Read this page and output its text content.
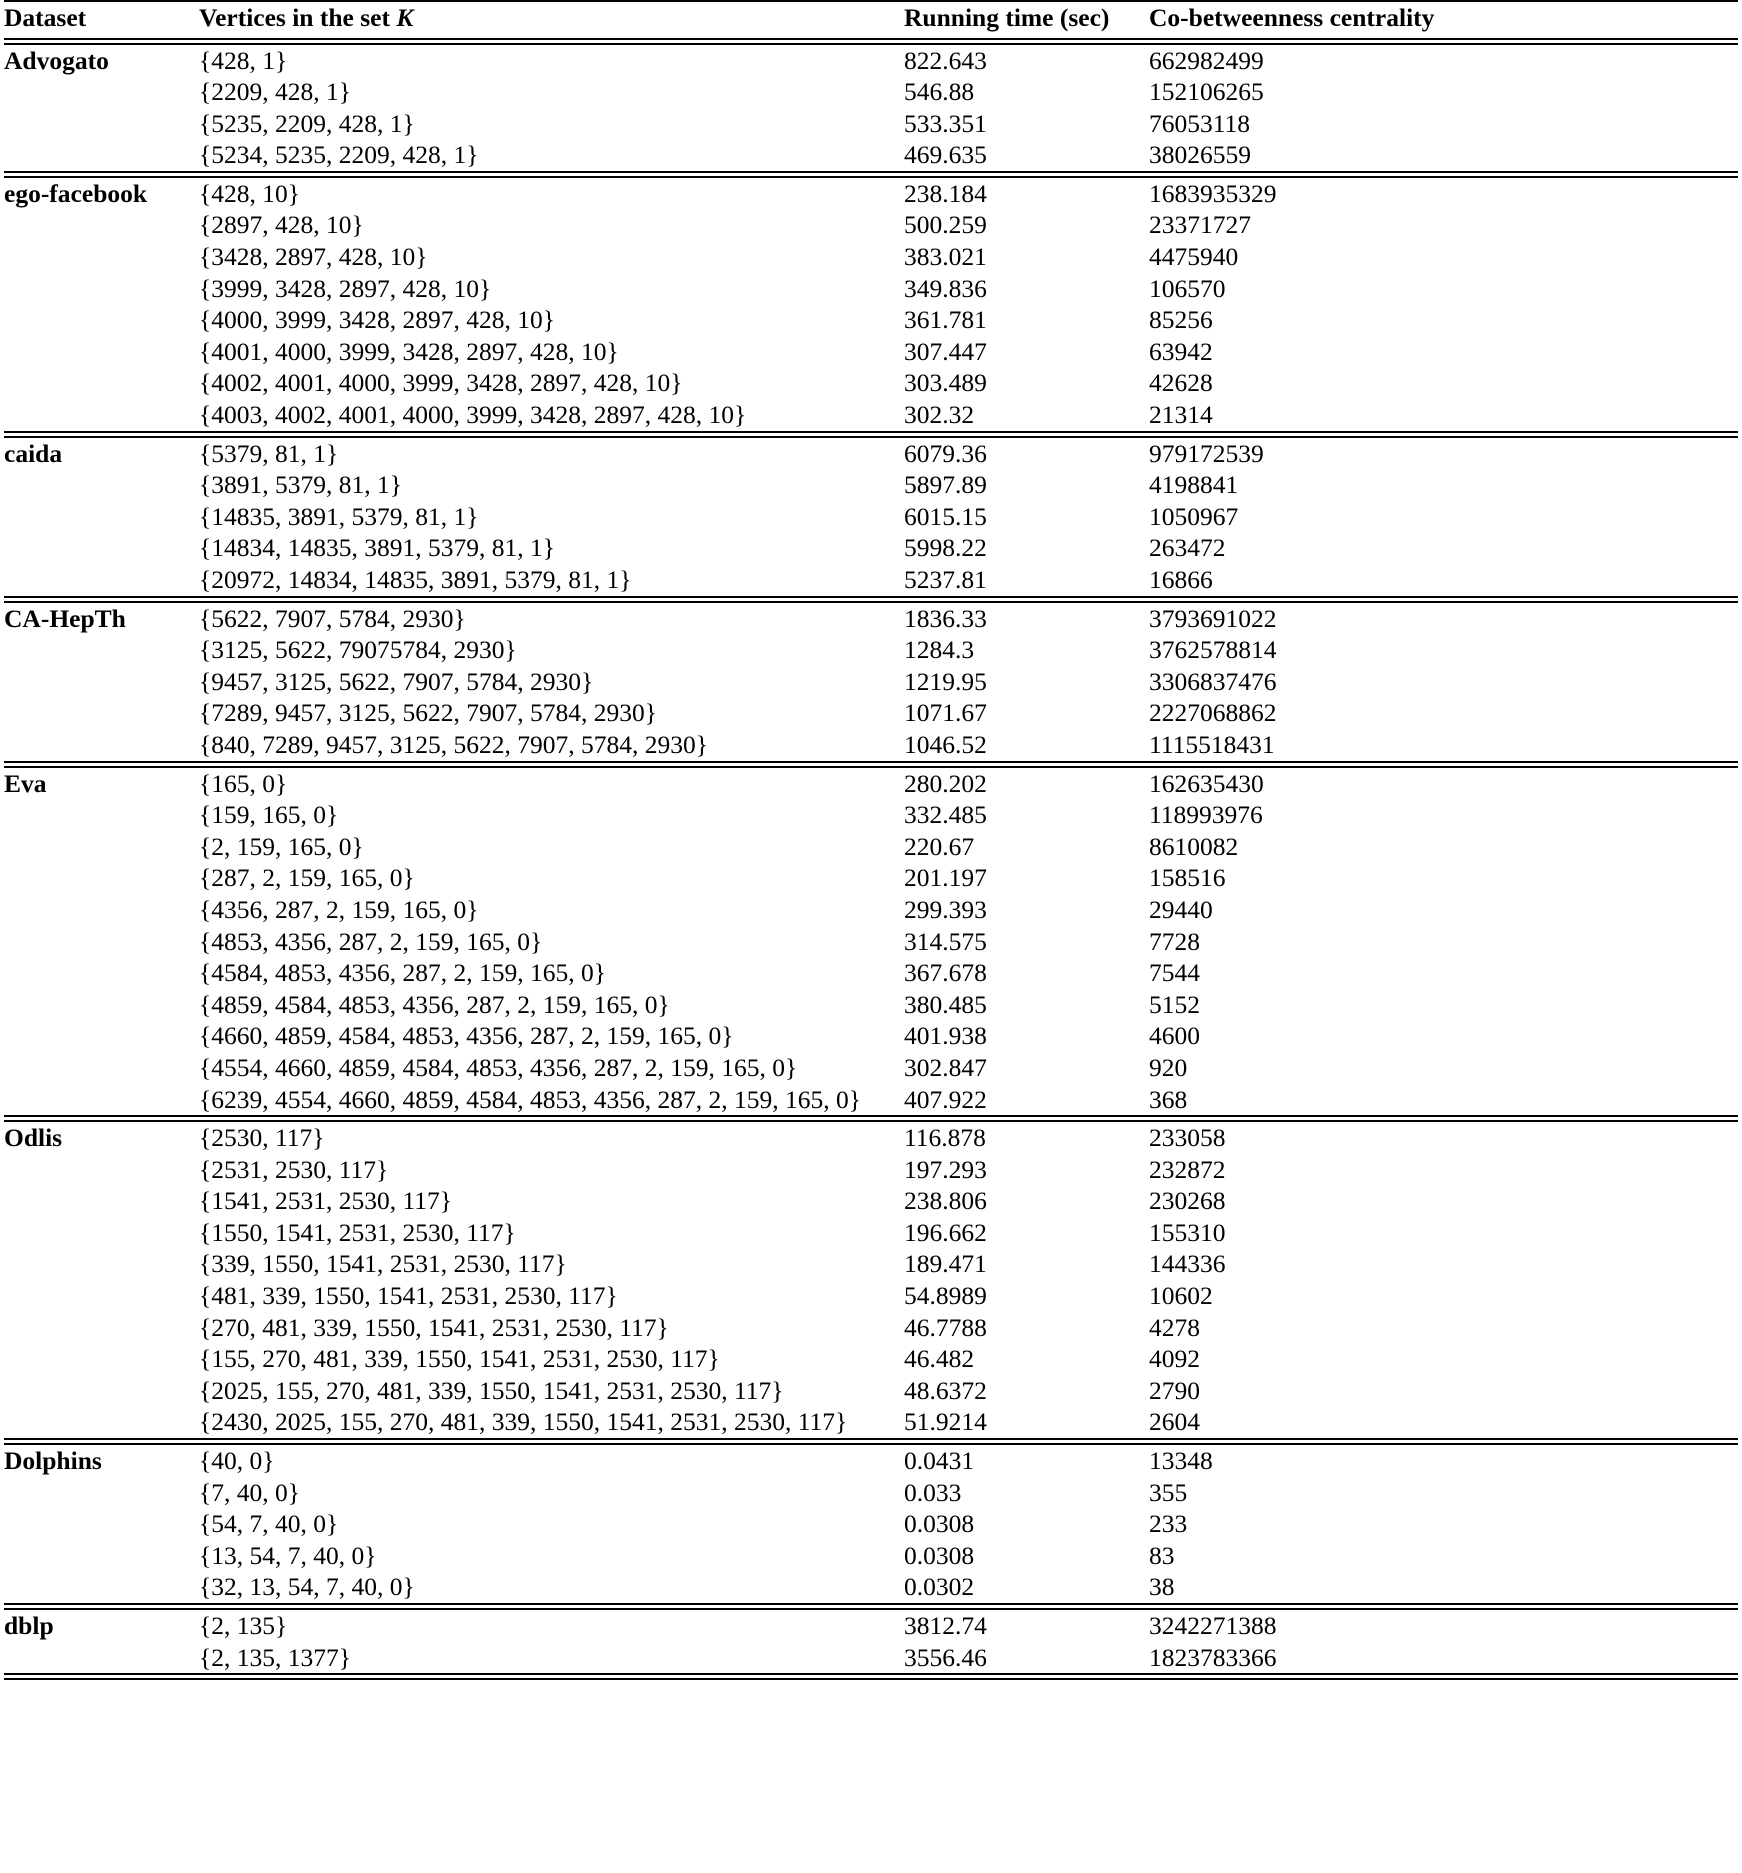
Dataset	Vertices in the set K	Running time (sec)	Co-betweenness centrality

Advogato	{428, 1}	822.643	662982499
	{2209, 428, 1}	546.88	152106265
	{5235, 2209, 428, 1}	533.351	76053118
	{5234, 5235, 2209, 428, 1}	469.635	38026559

ego-facebook	{428, 10}	238.184	1683935329
	{2897, 428, 10}	500.259	23371727
	{3428, 2897, 428, 10}	383.021	4475940
	{3999, 3428, 2897, 428, 10}	349.836	106570
	{4000, 3999, 3428, 2897, 428, 10}	361.781	85256
	{4001, 4000, 3999, 3428, 2897, 428, 10}	307.447	63942
	{4002, 4001, 4000, 3999, 3428, 2897, 428, 10}	303.489	42628
	{4003, 4002, 4001, 4000, 3999, 3428, 2897, 428, 10}	302.32	21314

caida	{5379, 81, 1}	6079.36	979172539
	{3891, 5379, 81, 1}	5897.89	4198841
	{14835, 3891, 5379, 81, 1}	6015.15	1050967
	{14834, 14835, 3891, 5379, 81, 1}	5998.22	263472
	{20972, 14834, 14835, 3891, 5379, 81, 1}	5237.81	16866

CA-HepTh	{5622, 7907, 5784, 2930}	1836.33	3793691022
	{3125, 5622, 79075784, 2930}	1284.3	3762578814
	{9457, 3125, 5622, 7907, 5784, 2930}	1219.95	3306837476
	{7289, 9457, 3125, 5622, 7907, 5784, 2930}	1071.67	2227068862
	{840, 7289, 9457, 3125, 5622, 7907, 5784, 2930}	1046.52	1115518431

Eva	{165, 0}	280.202	162635430
	{159, 165, 0}	332.485	118993976
	{2, 159, 165, 0}	220.67	8610082
	{287, 2, 159, 165, 0}	201.197	158516
	{4356, 287, 2, 159, 165, 0}	299.393	29440
	{4853, 4356, 287, 2, 159, 165, 0}	314.575	7728
	{4584, 4853, 4356, 287, 2, 159, 165, 0}	367.678	7544
	{4859, 4584, 4853, 4356, 287, 2, 159, 165, 0}	380.485	5152
	{4660, 4859, 4584, 4853, 4356, 287, 2, 159, 165, 0}	401.938	4600
	{4554, 4660, 4859, 4584, 4853, 4356, 287, 2, 159, 165, 0}	302.847	920
	{6239, 4554, 4660, 4859, 4584, 4853, 4356, 287, 2, 159, 165, 0}	407.922	368

Odlis	{2530, 117}	116.878	233058
	{2531, 2530, 117}	197.293	232872
	{1541, 2531, 2530, 117}	238.806	230268
	{1550, 1541, 2531, 2530, 117}	196.662	155310
	{339, 1550, 1541, 2531, 2530, 117}	189.471	144336
	{481, 339, 1550, 1541, 2531, 2530, 117}	54.8989	10602
	{270, 481, 339, 1550, 1541, 2531, 2530, 117}	46.7788	4278
	{155, 270, 481, 339, 1550, 1541, 2531, 2530, 117}	46.482	4092
	{2025, 155, 270, 481, 339, 1550, 1541, 2531, 2530, 117}	48.6372	2790
	{2430, 2025, 155, 270, 481, 339, 1550, 1541, 2531, 2530, 117}	51.9214	2604

Dolphins	{40, 0}	0.0431	13348
	{7, 40, 0}	0.033	355
	{54, 7, 40, 0}	0.0308	233
	{13, 54, 7, 40, 0}	0.0308	83
	{32, 13, 54, 7, 40, 0}	0.0302	38

dblp	{2, 135}	3812.74	3242271388
	{2, 135, 1377}	3556.46	1823783366
